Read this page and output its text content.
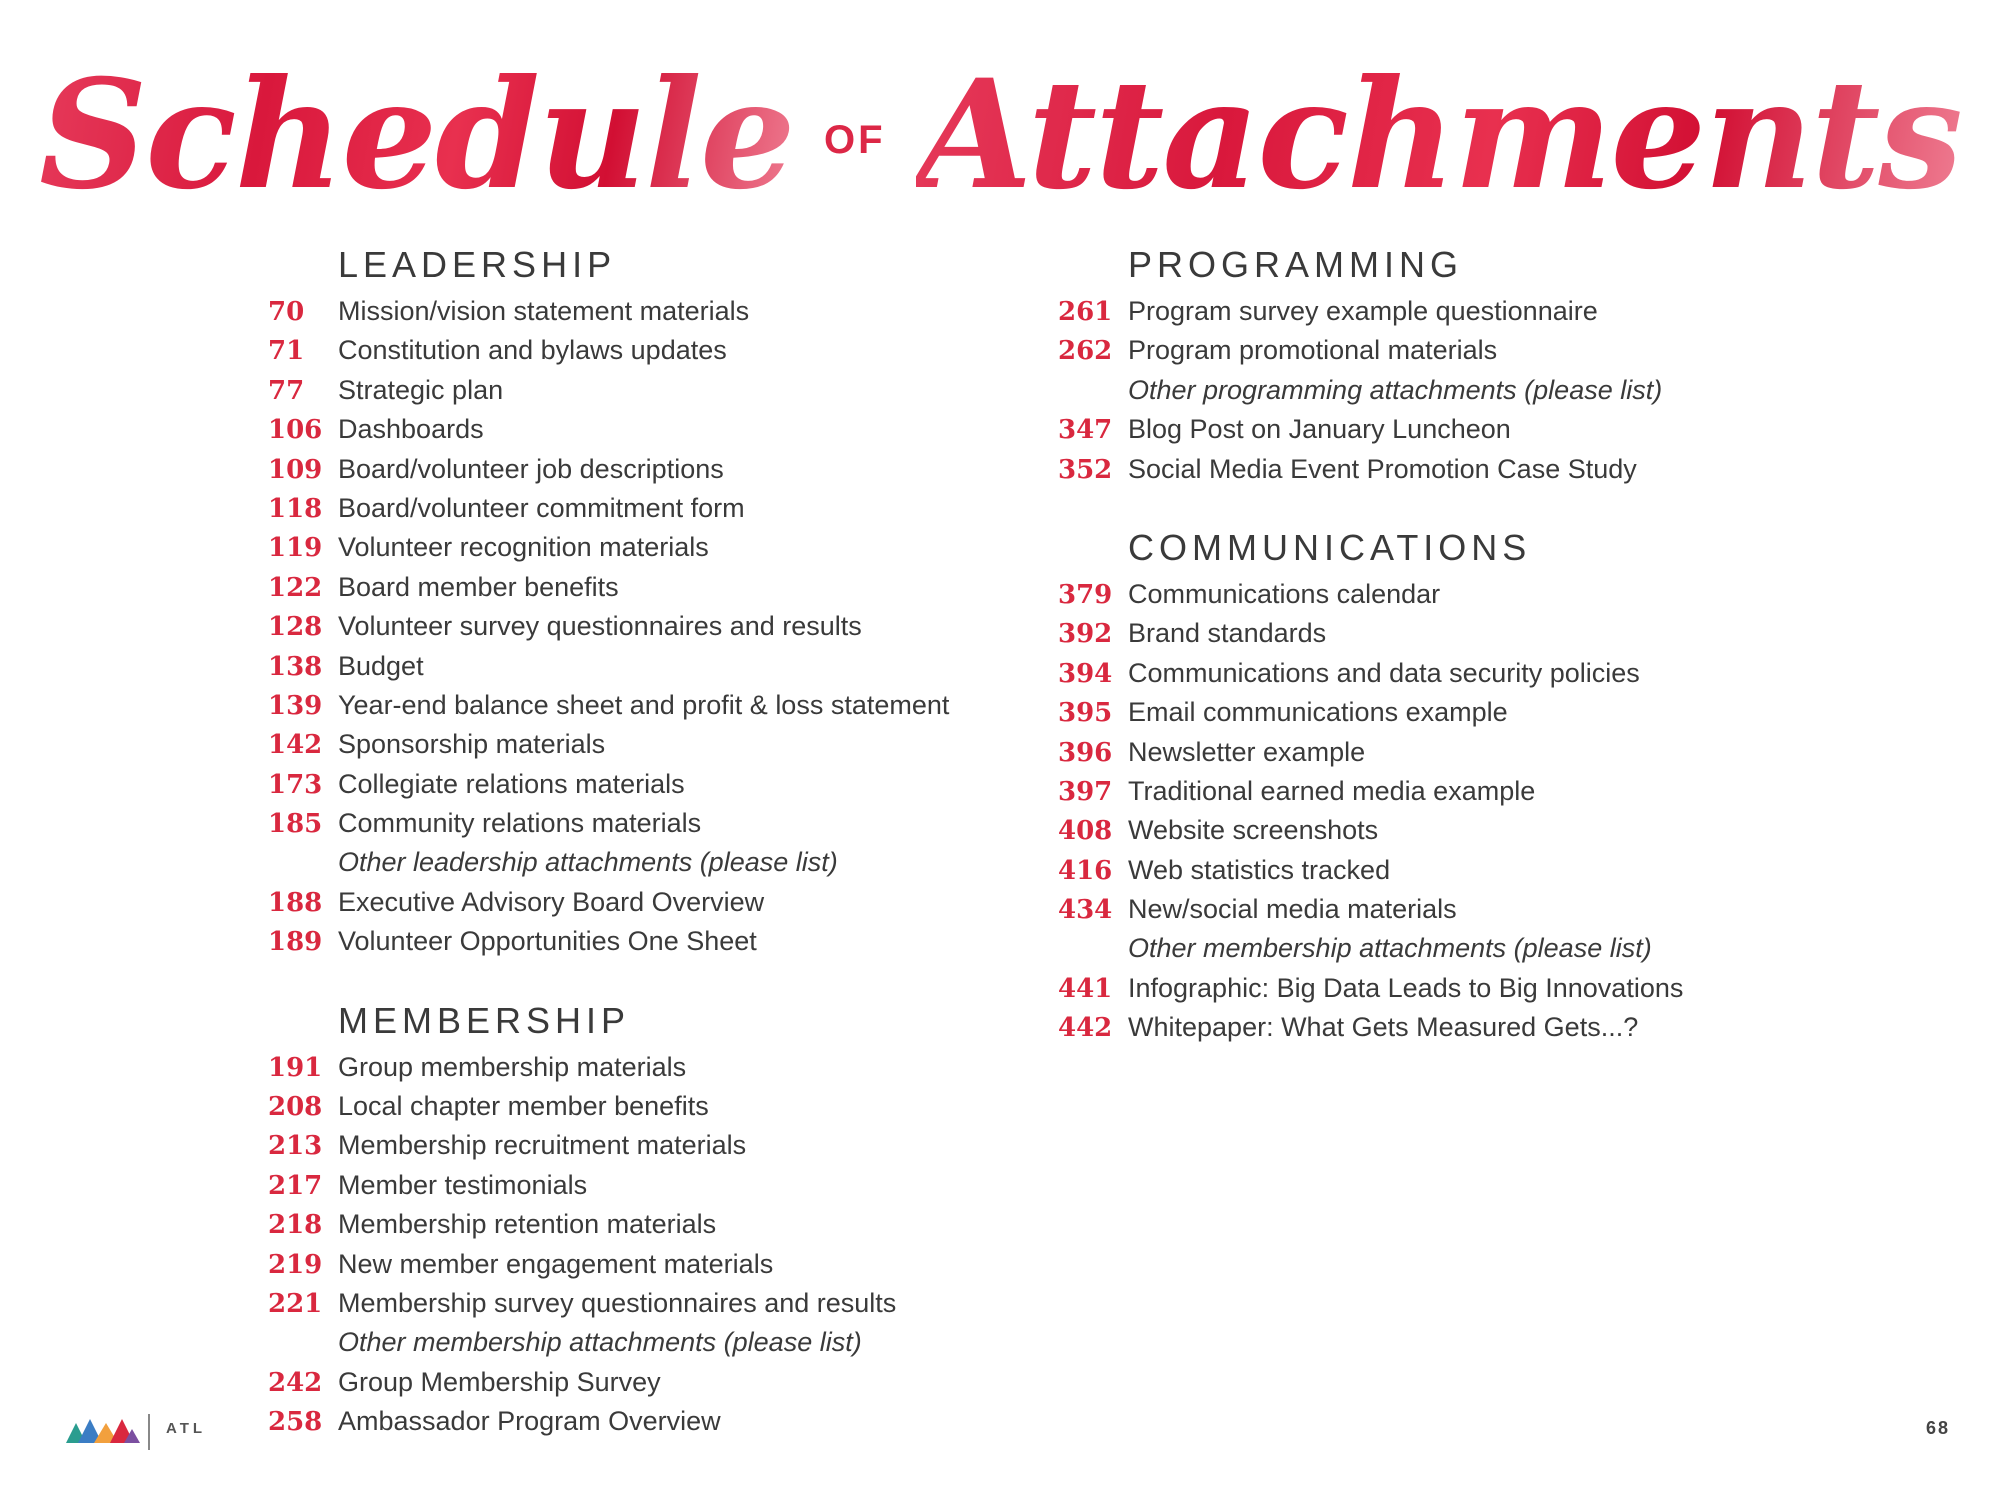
Schedule OF Attachments
LEADERSHIP
70	Mission/vision statement materials
71	Constitution and bylaws updates
77	Strategic plan
106 Dashboards
109 Board/volunteer job descriptions
118 Board/volunteer commitment form
119 Volunteer recognition materials
122 Board member benefits
128 Volunteer survey questionnaires and results
138 Budget
139 Year-end balance sheet and profit & loss statement
142 Sponsorship materials
173 Collegiate relations materials
185 Community relations materials
Other leadership attachments (please list)
188 Executive Advisory Board Overview
189 Volunteer Opportunities One Sheet
MEMBERSHIP
191 Group membership materials
208 Local chapter member benefits
213 Membership recruitment materials
217 Member testimonials
218 Membership retention materials
219 New member engagement materials
221 Membership survey questionnaires and results
Other membership attachments (please list)
242 Group Membership Survey
258 Ambassador Program Overview
PROGRAMMING
261 Program survey example questionnaire
262 Program promotional materials
Other programming attachments (please list)
347 Blog Post on January Luncheon
352 Social Media Event Promotion Case Study
COMMUNICATIONS
379 Communications calendar
392 Brand standards
394 Communications and data security policies
395 Email communications example
396 Newsletter example
397 Traditional earned media example
408 Website screenshots
416 Web statistics tracked
434 New/social media materials
Other membership attachments (please list)
441 Infographic: Big Data Leads to Big Innovations
442 Whitepaper: What Gets Measured Gets...?
ATL	68
